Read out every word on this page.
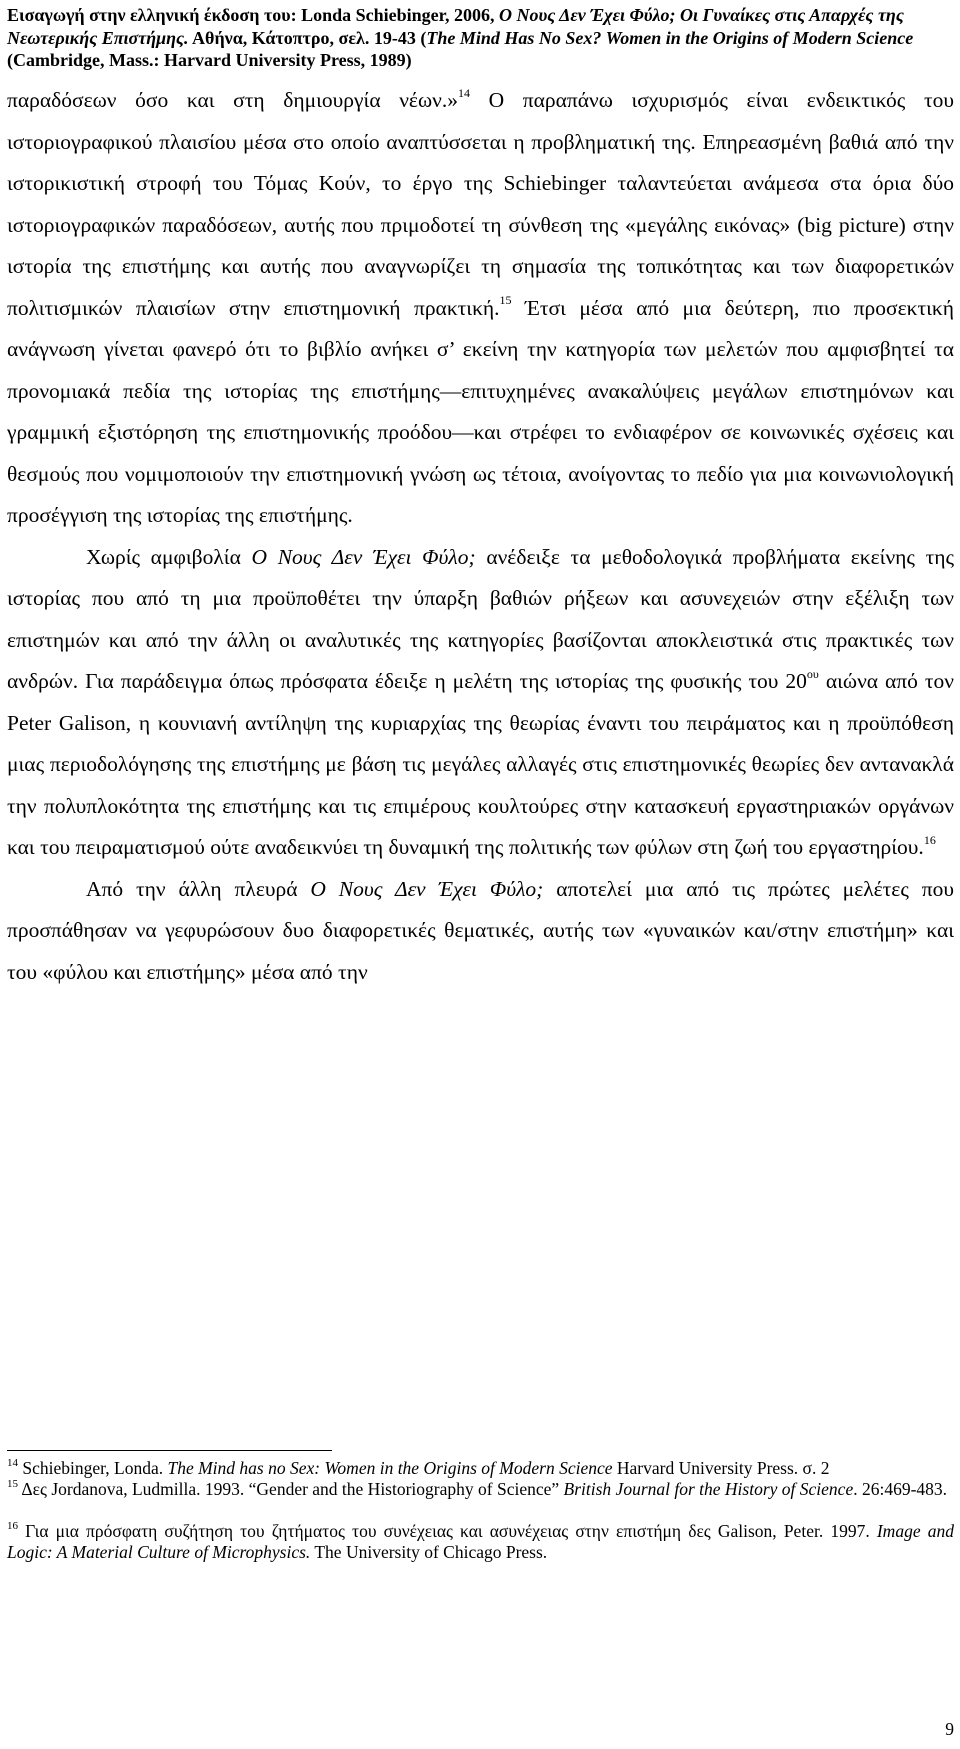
Εισαγωγή στην ελληνική έκδοση του: Londa Schiebinger, 2006, Ο Νους Δεν Έχει Φύλο; Οι Γυναίκες στις Απαρχές της Νεωτερικής Επιστήμης. Αθήνα, Κάτοπτρο, σελ. 19-43 (The Mind Has No Sex? Women in the Origins of Modern Science (Cambridge, Mass.: Harvard University Press, 1989)

παραδόσεων όσο και στη δημιουργία νέων.»$^{14}$ Ο παραπάνω ισχυρισμός είναι ενδεικτικός του ιστοριογραφικού πλαισίου μέσα στο οποίο αναπτύσσεται η προβληματική της. Επηρεασμένη βαθιά από την ιστορικιστική στροφή του Τόμας Κούν, το έργο της Schiebinger ταλαντεύεται ανάμεσα στα όρια δύο ιστοριογραφικών παραδόσεων, αυτής που πριμοδοτεί τη σύνθεση της «μεγάλης εικόνας» (big picture) στην ιστορία της επιστήμης και αυτής που αναγνωρίζει τη σημασία της τοπικότητας και των διαφορετικών πολιτισμικών πλαισίων στην επιστημονική πρακτική.$^{15}$ Έτσι μέσα από μια δεύτερη, πιο προσεκτική ανάγνωση γίνεται φανερό ότι το βιβλίο ανήκει σ’ εκείνη την κατηγορία των μελετών που αμφισβητεί τα προνομιακά πεδία της ιστορίας της επιστήμης—επιτυχημένες ανακαλύψεις μεγάλων επιστημόνων και γραμμική εξιστόρηση της επιστημονικής προόδου—και στρέφει το ενδιαφέρον σε κοινωνικές σχέσεις και θεσμούς που νομιμοποιούν την επιστημονική γνώση ως τέτοια, ανοίγοντας το πεδίο για μια κοινωνιολογική προσέγγιση της ιστορίας της επιστήμης.

Χωρίς αμφιβολία Ο Νους Δεν Έχει Φύλο; ανέδειξε τα μεθοδολογικά προβλήματα εκείνης της ιστορίας που από τη μια προϋποθέτει την ύπαρξη βαθιών ρήξεων και ασυνεχειών στην εξέλιξη των επιστημών και από την άλλη οι αναλυτικές της κατηγορίες βασίζονται αποκλειστικά στις πρακτικές των ανδρών. Για παράδειγμα όπως πρόσφατα έδειξε η μελέτη της ιστορίας της φυσικής του $20^{o\upsilon}$ αιώνα από τον Peter Galison, η κουνιανή αντίληψη της κυριαρχίας της θεωρίας έναντι του πειράματος και η προϋπόθεση μιας περιοδολόγησης της επιστήμης με βάση τις μεγάλες αλλαγές στις επιστημονικές θεωρίες δεν αντανακλά την πολυπλοκότητα της επιστήμης και τις επιμέρους κουλτούρες στην κατασκευή εργαστηριακών οργάνων και του πειραματισμού ούτε αναδεικνύει τη δυναμική της πολιτικής των φύλων στη ζωή του εργαστηρίου.$^{16}$

Από την άλλη πλευρά Ο Νους Δεν Έχει Φύλο; αποτελεί μια από τις πρώτες μελέτες που προσπάθησαν να γεφυρώσουν δυο διαφορετικές θεματικές, αυτής των «γυναικών και/στην επιστήμη» και του «φύλου και επιστήμης» μέσα από την

$^{14}$ Schiebinger, Londa. The Mind has no Sex: Women in the Origins of Modern Science Harvard University Press. σ. 2

$^{15}$ Δες Jordanova, Ludmilla. 1993. “Gender and the Historiography of Science” British Journal for the History of Science. 26:469-483.

$^{16}$ Για μια πρόσφατη συζήτηση του ζητήματος του συνέχειας και ασυνέχειας στην επιστήμη δες Galison, Peter. 1997. Image and Logic: A Material Culture of Microphysics. The University of Chicago Press.

9
